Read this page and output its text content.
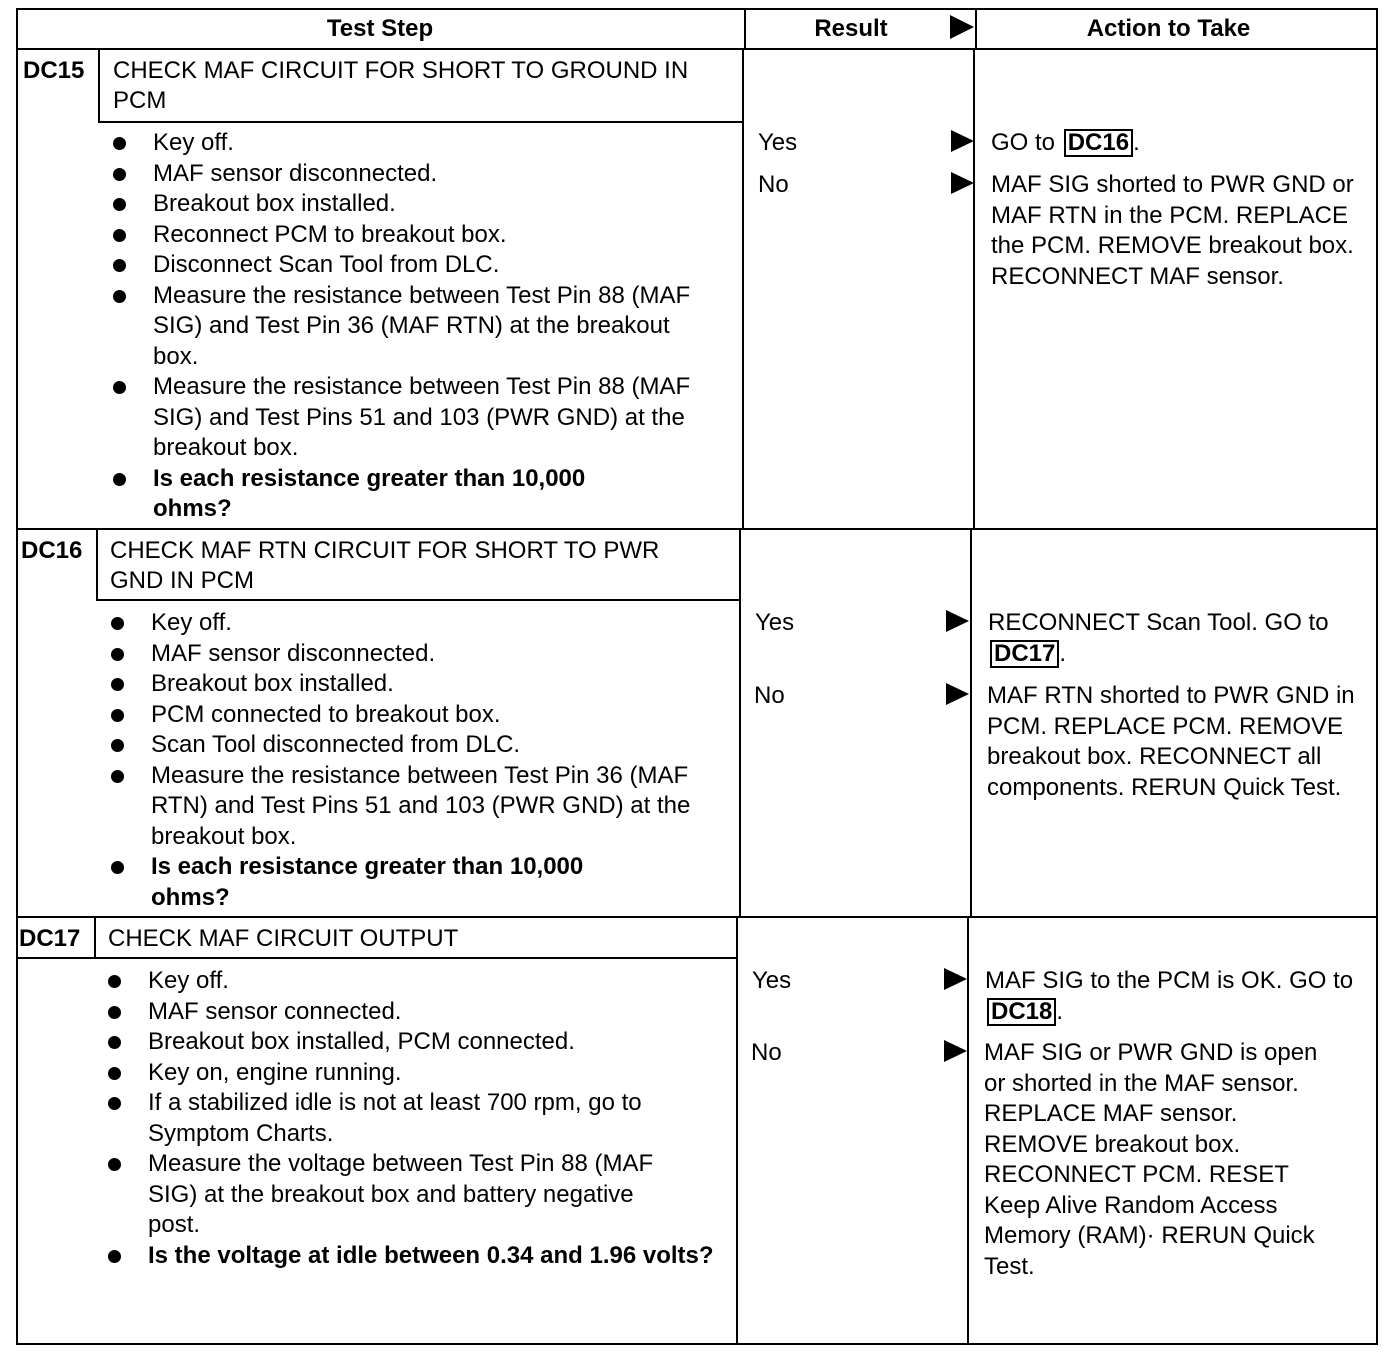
Test Step	Result	Action to Take
DC15 CHECK MAF CIRCUIT FOR SHORT TO GROUND IN PCM
Key off.
MAF sensor disconnected.
Breakout box installed.
Reconnect PCM to breakout box.
Disconnect Scan Tool from DLC.
Measure the resistance between Test Pin 88 (MAF SIG) and Test Pin 36 (MAF RTN) at the breakout box.
Measure the resistance between Test Pin 88 (MAF SIG) and Test Pins 51 and 103 (PWR GND) at the breakout box.
Is each resistance greater than 10,000 ohms?
Yes
No
GO to DC16 .
MAF SIG shorted to PWR GND or MAF RTN in the PCM. REPLACE the PCM. REMOVE breakout box. RECONNECT MAF sensor.
DC16 CHECK MAF RTN CIRCUIT FOR SHORT TO PWR GND IN PCM
Key off.
MAF sensor disconnected.
Breakout box installed.
PCM connected to breakout box.
Scan Tool disconnected from DLC.
Measure the resistance between Test Pin 36 (MAF RTN) and Test Pins 51 and 103 (PWR GND) at the breakout box.
Is each resistance greater than 10,000 ohms?
Yes
No
RECONNECT Scan Tool. GO to DC17 .
MAF RTN shorted to PWR GND in PCM. REPLACE PCM. REMOVE breakout box. RECONNECT all components. RERUN Quick Test.
DC17 CHECK MAF CIRCUIT OUTPUT
Key off.
MAF sensor connected.
Breakout box installed, PCM connected.
Key on, engine running.
If a stabilized idle is not at least 700 rpm, go to Symptom Charts.
Measure the voltage between Test Pin 88 (MAF SIG) at the breakout box and battery negative post.
Is the voltage at idle between 0.34 and 1.96 volts?
Yes
No
MAF SIG to the PCM is OK. GO to DC18 .
MAF SIG or PWR GND is open or shorted in the MAF sensor. REPLACE MAF sensor. REMOVE breakout box. RECONNECT PCM. RESET Keep Alive Random Access Memory (RAM)· RERUN Quick Test.
